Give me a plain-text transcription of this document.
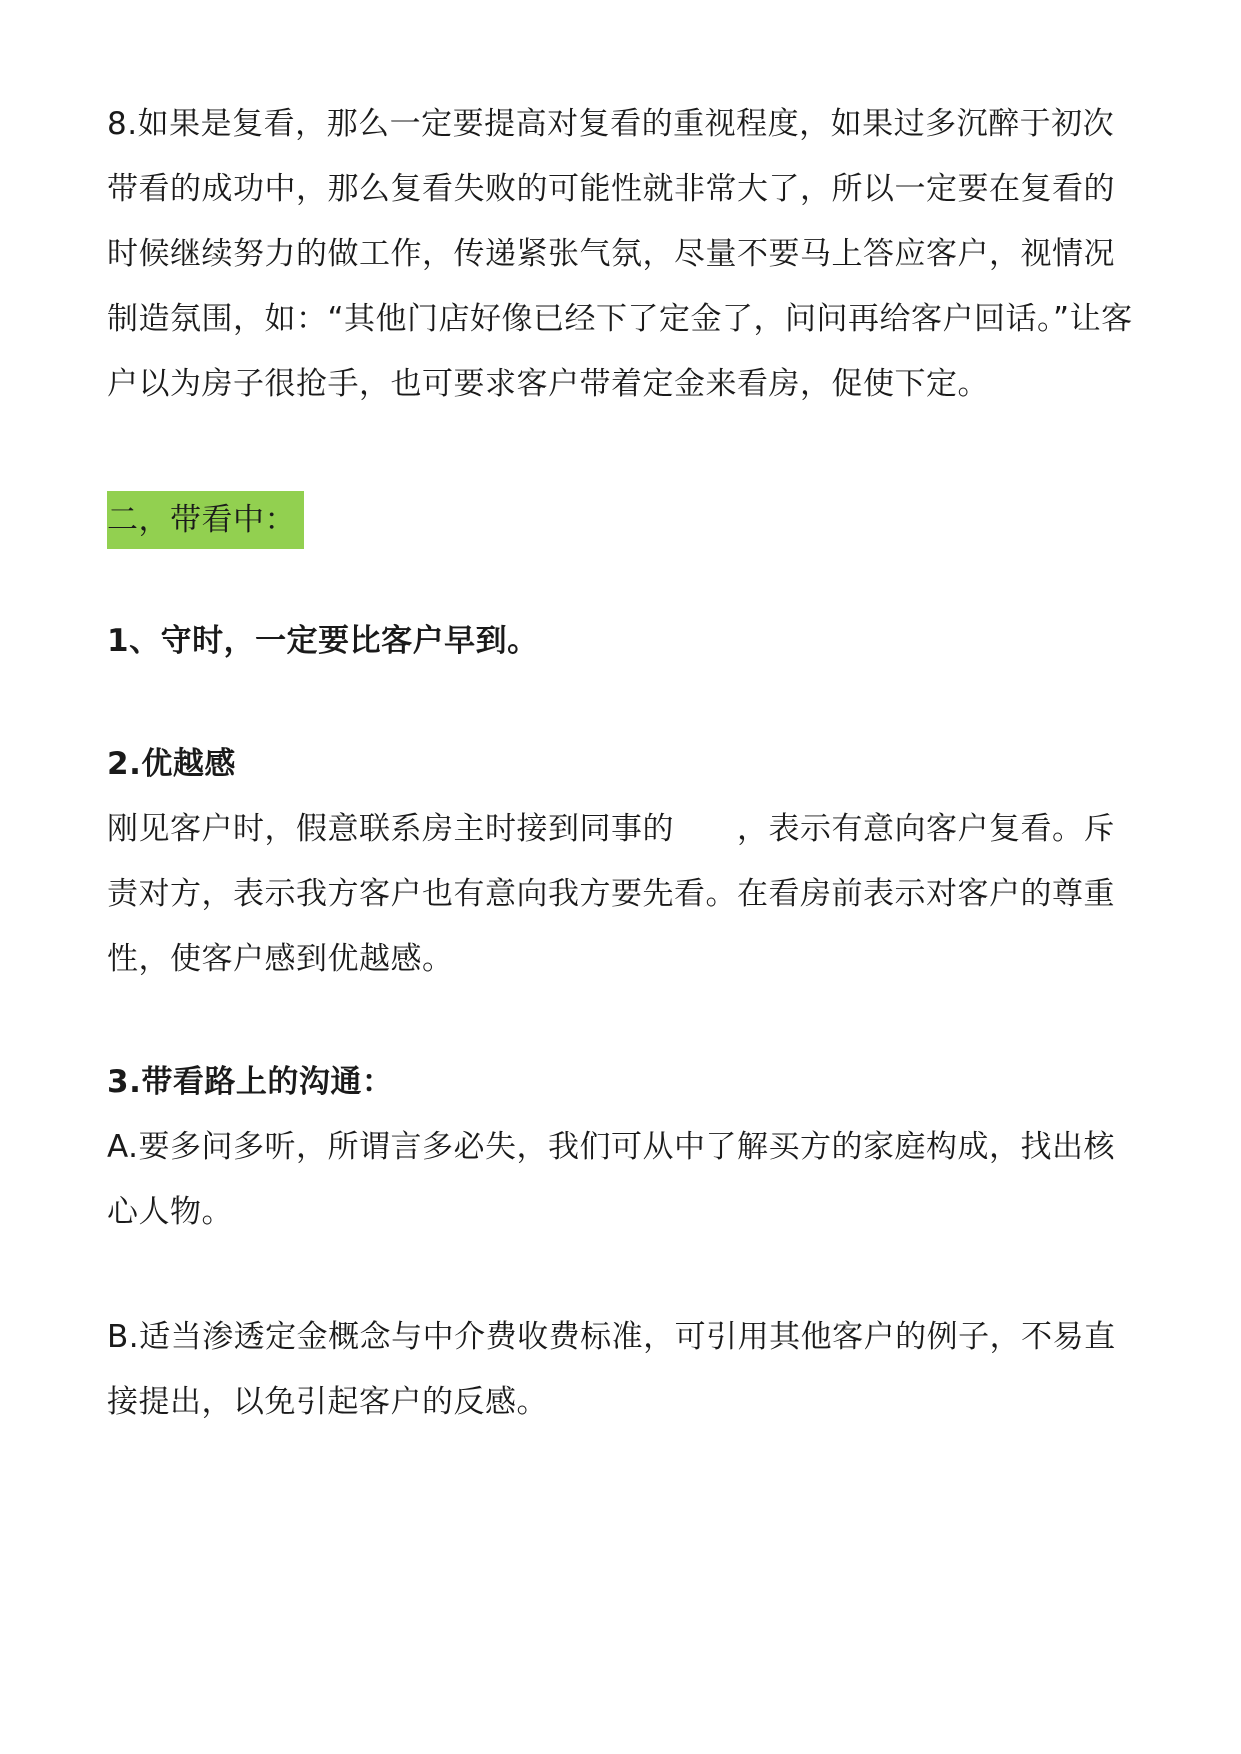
8.如果是复看，那么一定要提高对复看的重视程度，如果过多沉醉于初次带看的成功中，那么复看失败的可能性就非常大了，所以一定要在复看的时候继续努力的做工作，传递紧张气氛，尽量不要马上答应客户，视情况制造氛围，如：“其他门店好像已经下了定金了，问问再给客户回话。”让客户以为房子很抢手，也可要求客户带着定金来看房，促使下定。

二，带看中：

1、守时，一定要比客户早到。

2.优越感

刚见客户时，假意联系房主时接到同事的　　，表示有意向客户复看。斥责对方，表示我方客户也有意向我方要先看。在看房前表示对客户的尊重性，使客户感到优越感。

3.带看路上的沟通：

A.要多问多听，所谓言多必失，我们可从中了解买方的家庭构成，找出核心人物。

B.适当渗透定金概念与中介费收费标准，可引用其他客户的例子，不易直接提出，以免引起客户的反感。
